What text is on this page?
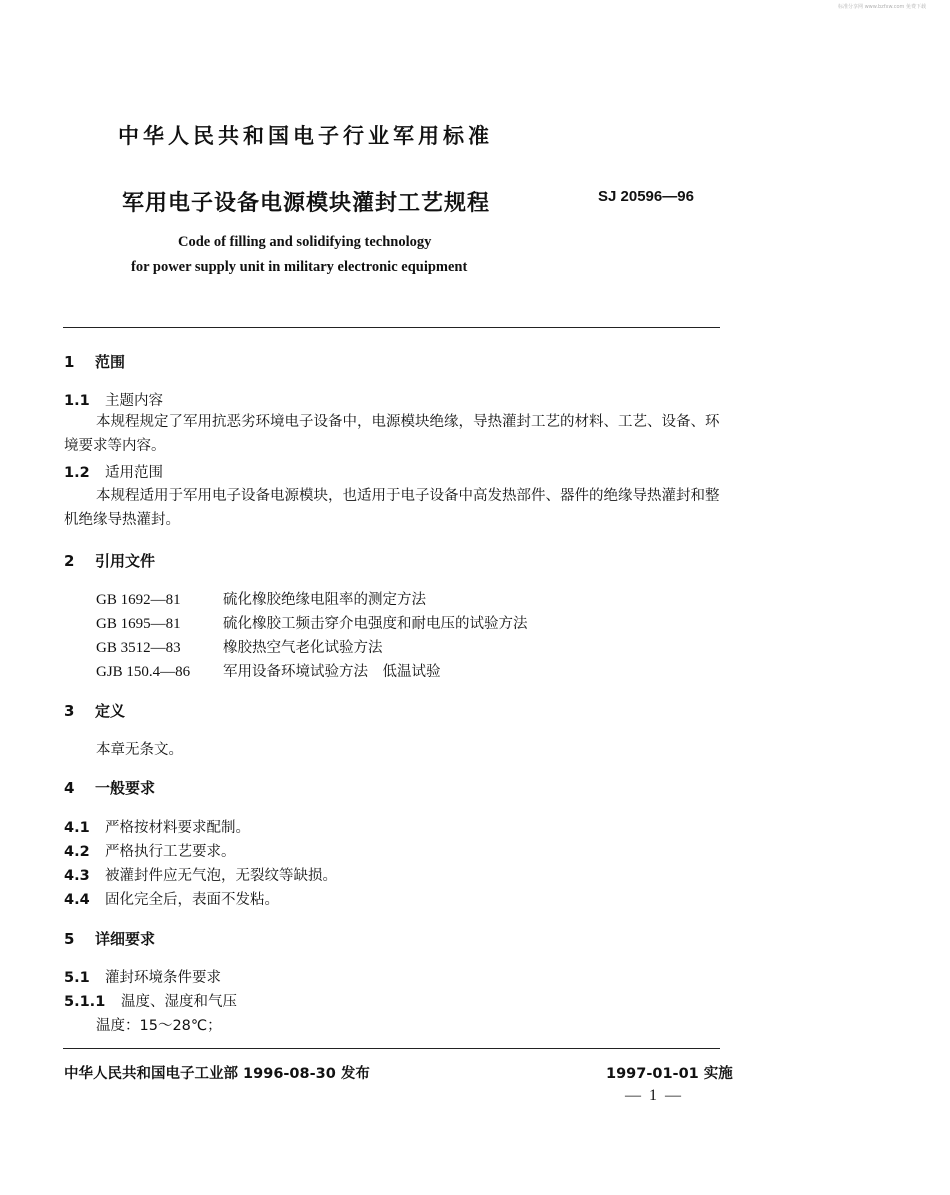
标准分享网 www.bzfxw.com 免费下载
中华人民共和国电子行业军用标准
军用电子设备电源模块灌封工艺规程	SJ 20596—96
Code of filling and solidifying technology
for power supply unit in military electronic equipment
1 范围
1.1 主题内容
本规程规定了军用抗恶劣环境电子设备中，电源模块绝缘，导热灌封工艺的材料、工艺、设备、环境要求等内容。
1.2 适用范围
本规程适用于军用电子设备电源模块，也适用于电子设备中高发热部件、器件的绝缘导热灌封和整机绝缘导热灌封。
2 引用文件
GB 1692—81	硫化橡胶绝缘电阻率的测定方法
GB 1695—81	硫化橡胶工频击穿介电强度和耐电压的试验方法
GB 3512—83	橡胶热空气老化试验方法
GJB 150.4—86 军用设备环境试验方法　低温试验
3 定义
本章无条文。
4 一般要求
4.1 严格按材料要求配制。
4.2 严格执行工艺要求。
4.3 被灌封件应无气泡，无裂纹等缺损。
4.4 固化完全后，表面不发粘。
5 详细要求
5.1 灌封环境条件要求
5.1.1 温度、湿度和气压
温度：15～28℃；
中华人民共和国电子工业部 1996-08-30 发布	1997-01-01 实施
— 1 —
